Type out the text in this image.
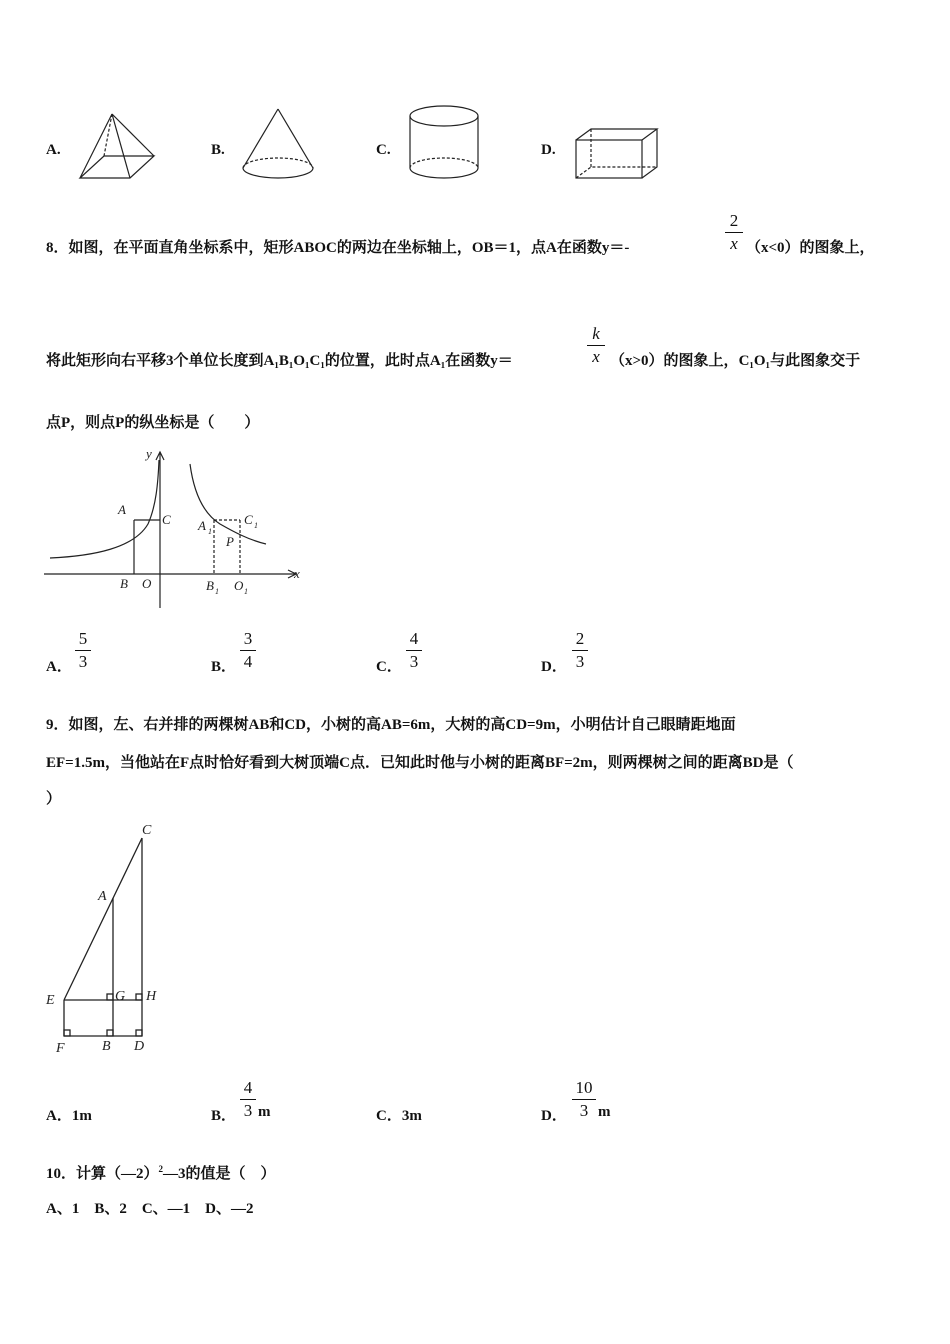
A.	B.	C.	D.
8．如图，在平面直角坐标系中，矩形ABOC的两边在坐标轴上，OB＝1，点A在函数y＝-
2
x （x<0）的图象上，
将此矩形向右平移3个单位长度到A₁B₁O₁C₁的位置，此时点A₁在函数y＝
k
x （x>0）的图象上，C₁O₁与此图象交于
点P，则点P的纵坐标是（　　）
y
x
A
C
B O
A 1
C 1
P
B 1 O 1
A．
5
3	B．
3
4	C．
4
3	D．
2
3
9．如图，左、右并排的两棵树AB和CD，小树的高AB=6m，大树的高CD=9m，小明估计自己眼睛距地面
EF=1.5m，当他站在F点时恰好看到大树顶端C点．已知此时他与小树的距离BF=2m，则两棵树之间的距离BD是（
）
C
A
E	G H
F	B D
A．1m	B．
4
3 m	C．3m	D．
10
3 m
10．计算（—2）$^2$—3的值是（　）
A、1　B、2　C、—1　D、—2
